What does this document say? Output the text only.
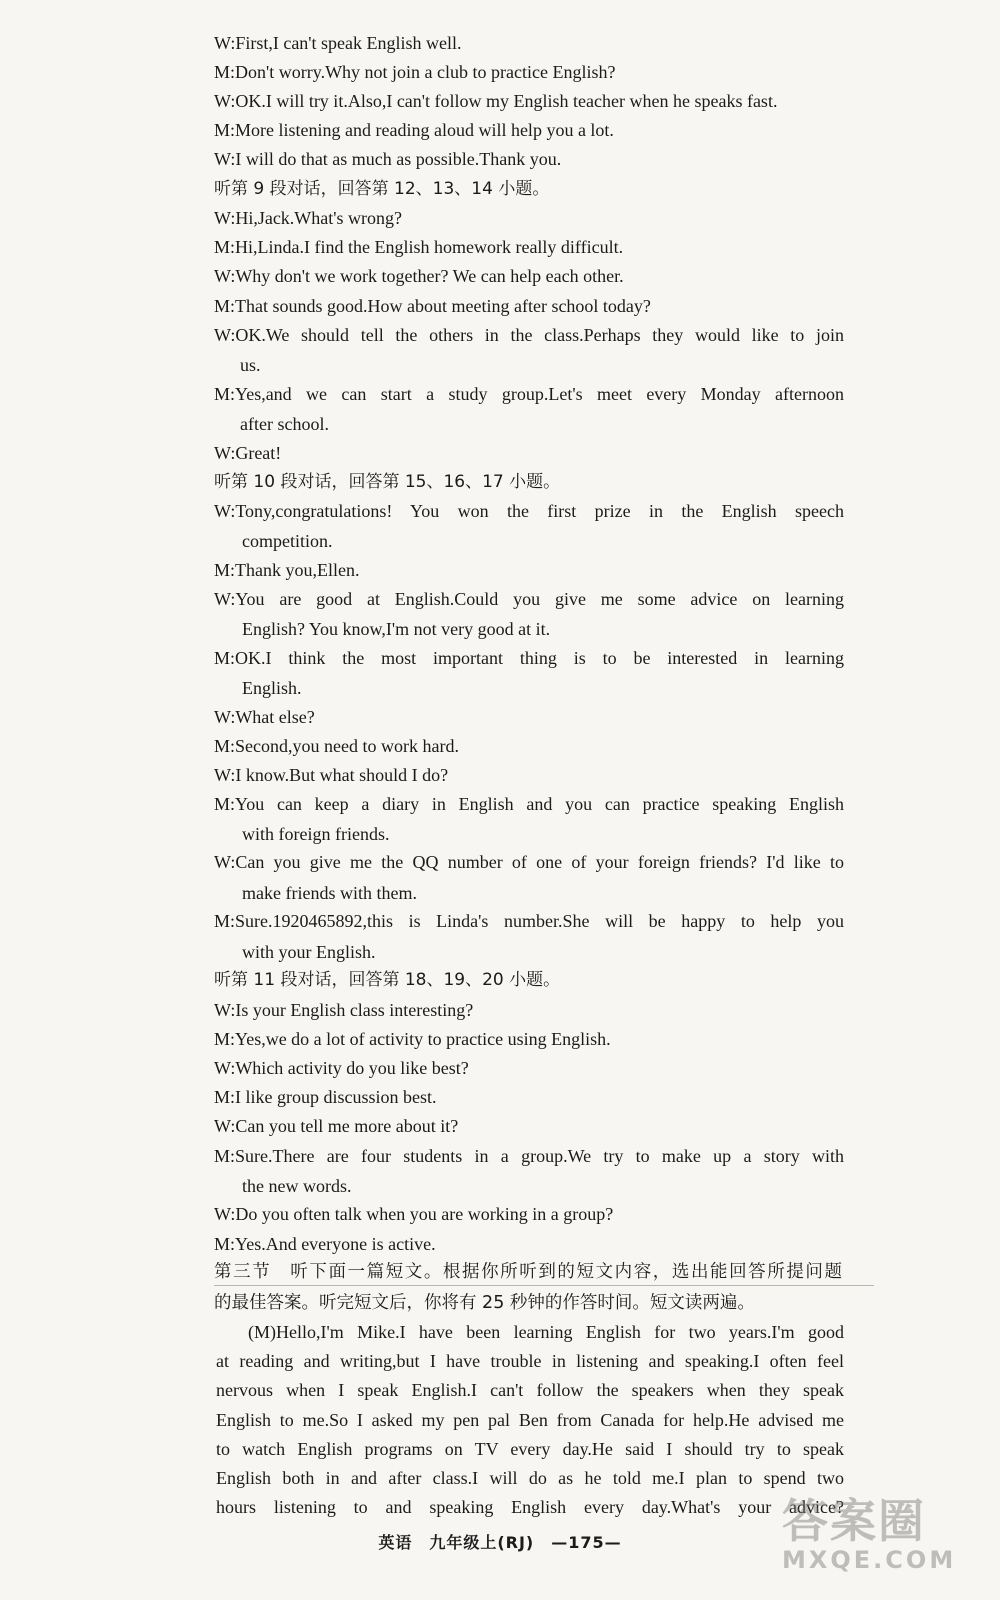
W:First,I can't speak English well.
M:Don't worry.Why not join a club to practice English?
W:OK.I will try it.Also,I can't follow my English teacher when he speaks fast.
M:More listening and reading aloud will help you a lot.
W:I will do that as much as possible.Thank you.
听第 9 段对话，回答第 12、13、14 小题。
W:Hi,Jack.What's wrong?
M:Hi,Linda.I find the English homework really difficult.
W:Why don't we work together? We can help each other.
M:That sounds good.How about meeting after school today?
W:OK.We should tell the others in the class.Perhaps they would like to join
us.
M:Yes,and we can start a study group.Let's meet every Monday afternoon
after school.
W:Great!
听第 10 段对话，回答第 15、16、17 小题。
W:Tony,congratulations! You won the first prize in the English speech
competition.
M:Thank you,Ellen.
W:You are good at English.Could you give me some advice on learning
English? You know,I'm not very good at it.
M:OK.I think the most important thing is to be interested in learning
English.
W:What else?
M:Second,you need to work hard.
W:I know.But what should I do?
M:You can keep a diary in English and you can practice speaking English
with foreign friends.
W:Can you give me the QQ number of one of your foreign friends? I'd like to
make friends with them.
M:Sure.1920465892,this is Linda's number.She will be happy to help you
with your English.
听第 11 段对话，回答第 18、19、20 小题。
W:Is your English class interesting?
M:Yes,we do a lot of activity to practice using English.
W:Which activity do you like best?
M:I like group discussion best.
W:Can you tell me more about it?
M:Sure.There are four students in a group.We try to make up a story with
the new words.
W:Do you often talk when you are working in a group?
M:Yes.And everyone is active.
第三节　听下面一篇短文。根据你所听到的短文内容，选出能回答所提问题
的最佳答案。听完短文后，你将有 25 秒钟的作答时间。短文读两遍。
(M)Hello,I'm Mike.I have been learning English for two years.I'm good
at reading and writing,but I have trouble in listening and speaking.I often feel
nervous when I speak English.I can't follow the speakers when they speak
English to me.So I asked my pen pal Ben from Canada for help.He advised me
to watch English programs on TV every day.He said I should try to speak
English both in and after class.I will do as he told me.I plan to spend two
hours listening to and speaking English every day.What's your advice?
英语　九年级上(RJ)　—175—	答案圈
MXQE.COM
